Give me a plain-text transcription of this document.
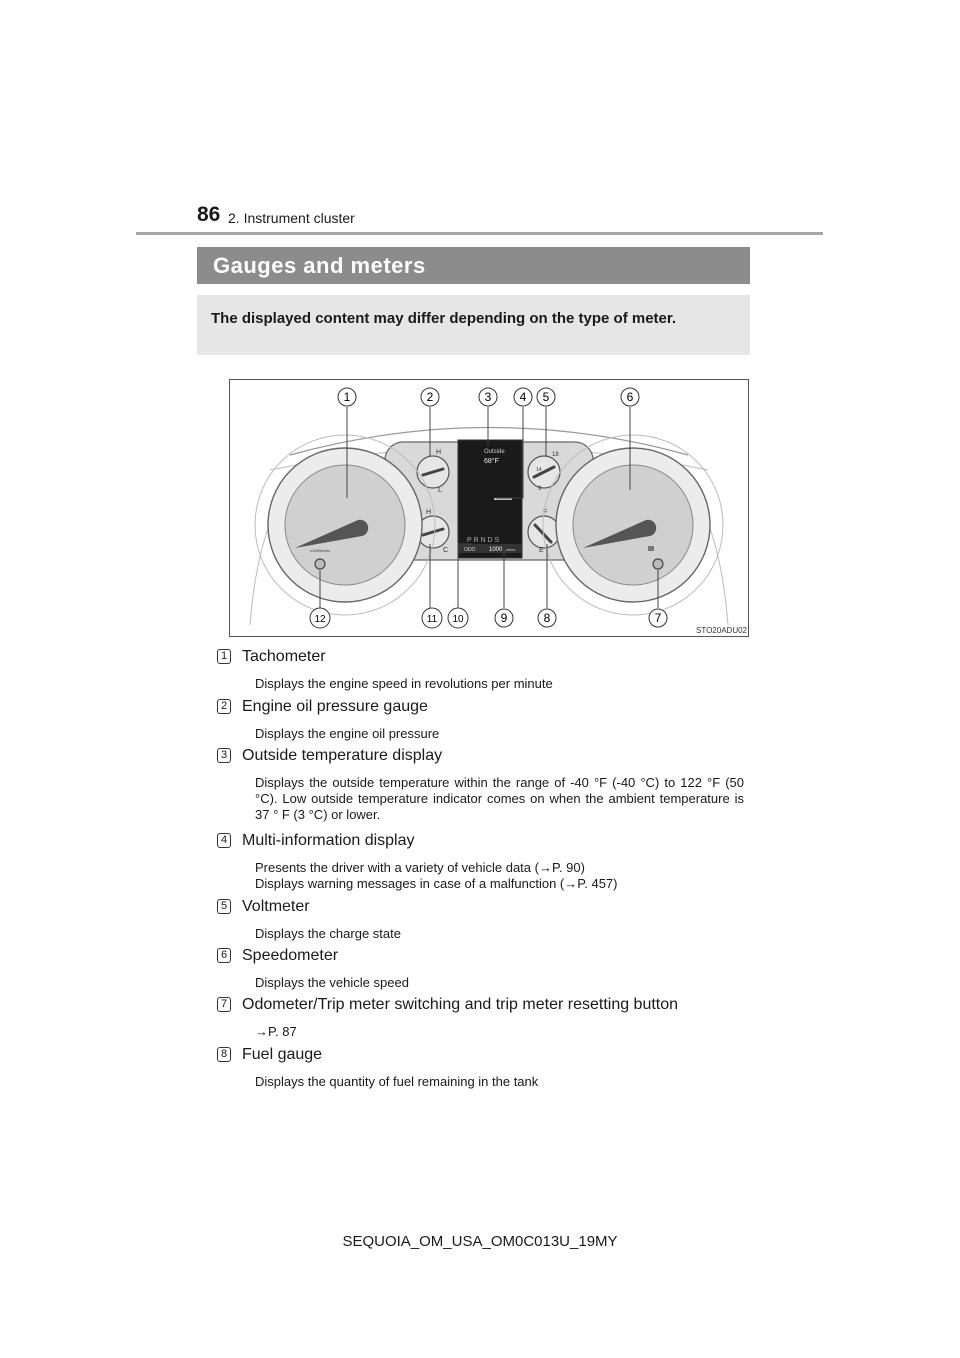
86 2. Instrument cluster
Gauges and meters

The displayed content may differ depending on the type of meter.

Outside
68°F
P R N D S
ODO 1000 miles
H
L
H
C
18
14
9
F
E
x1000r/min
1	2	3 4 5	6
7
8
9
10
11
12
STO20ADU02
1 Tachometer

Displays the engine speed in revolutions per minute

2 Engine oil pressure gauge

Displays the engine oil pressure

3 Outside temperature display

Displays the outside temperature within the range of -40 °F (-40 °C) to 122 °F (50 °C). Low outside temperature indicator comes on when the ambient temperature is 37 ° F (3 °C) or lower.

4 Multi-information display

Presents the driver with a variety of vehicle data (→P. 90)
Displays warning messages in case of a malfunction (→P. 457)

5 Voltmeter

Displays the charge state

6 Speedometer

Displays the vehicle speed

7 Odometer/Trip meter switching and trip meter resetting button

→P. 87

8 Fuel gauge

Displays the quantity of fuel remaining in the tank

SEQUOIA_OM_USA_OM0C013U_19MY
